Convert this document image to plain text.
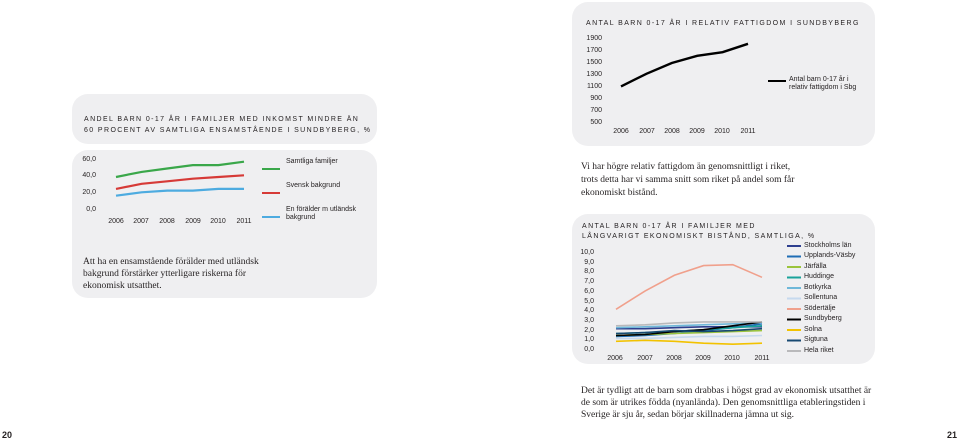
ANDEL BARN 0-17 ÅR I FAMILJER MED INKOMST MINDRE ÄN
60 PROCENT AV SAMTLIGA ENSAMSTÅENDE I SUNDBYBERG, %
60,0
40,0
20,0
0,0
2006	2007	2008	2009	2010	2011
Samtliga familjer
Svensk bakgrund
En förälder m utländsk bakgrund
Att ha en ensamstående förälder med utländsk
bakgrund förstärker ytterligare riskerna för
ekonomisk utsatthet.
ANTAL BARN 0-17 ÅR I RELATIV FATTIGDOM I SUNDBYBERG
1900
1700
1500
1300
1100
900
700
500
2006	2007	2008	2009	2010	2011
Antal barn 0-17 år i relativ fattigdom i Sbg
Vi har högre relativ fattigdom än genomsnittligt i riket,
trots detta har vi samma snitt som riket på andel som får
ekonomiskt bistånd.
ANTAL BARN 0-17 ÅR I FAMILJER MED
LÅNGVARIGT EKONOMISKT BISTÅND, SAMTLIGA, %
0,0
1,0
2,0
3,0
4,0
5,0
6,0
7,0
8,0
9,0
10,0
2006	2007	2008	2009	2010	2011
Stockholms län
Upplands-Väsby
Järfälla
Huddinge
Botkyrka
Sollentuna
Södertälje
Sundbyberg
Solna
Sigtuna
Hela riket
Det är tydligt att de barn som drabbas i högst grad av ekonomisk utsatthet är
de som är utrikes födda (nyanlända). Den genomsnittliga etableringstiden i
Sverige är sju år, sedan börjar skillnaderna jämna ut sig.
20	21
